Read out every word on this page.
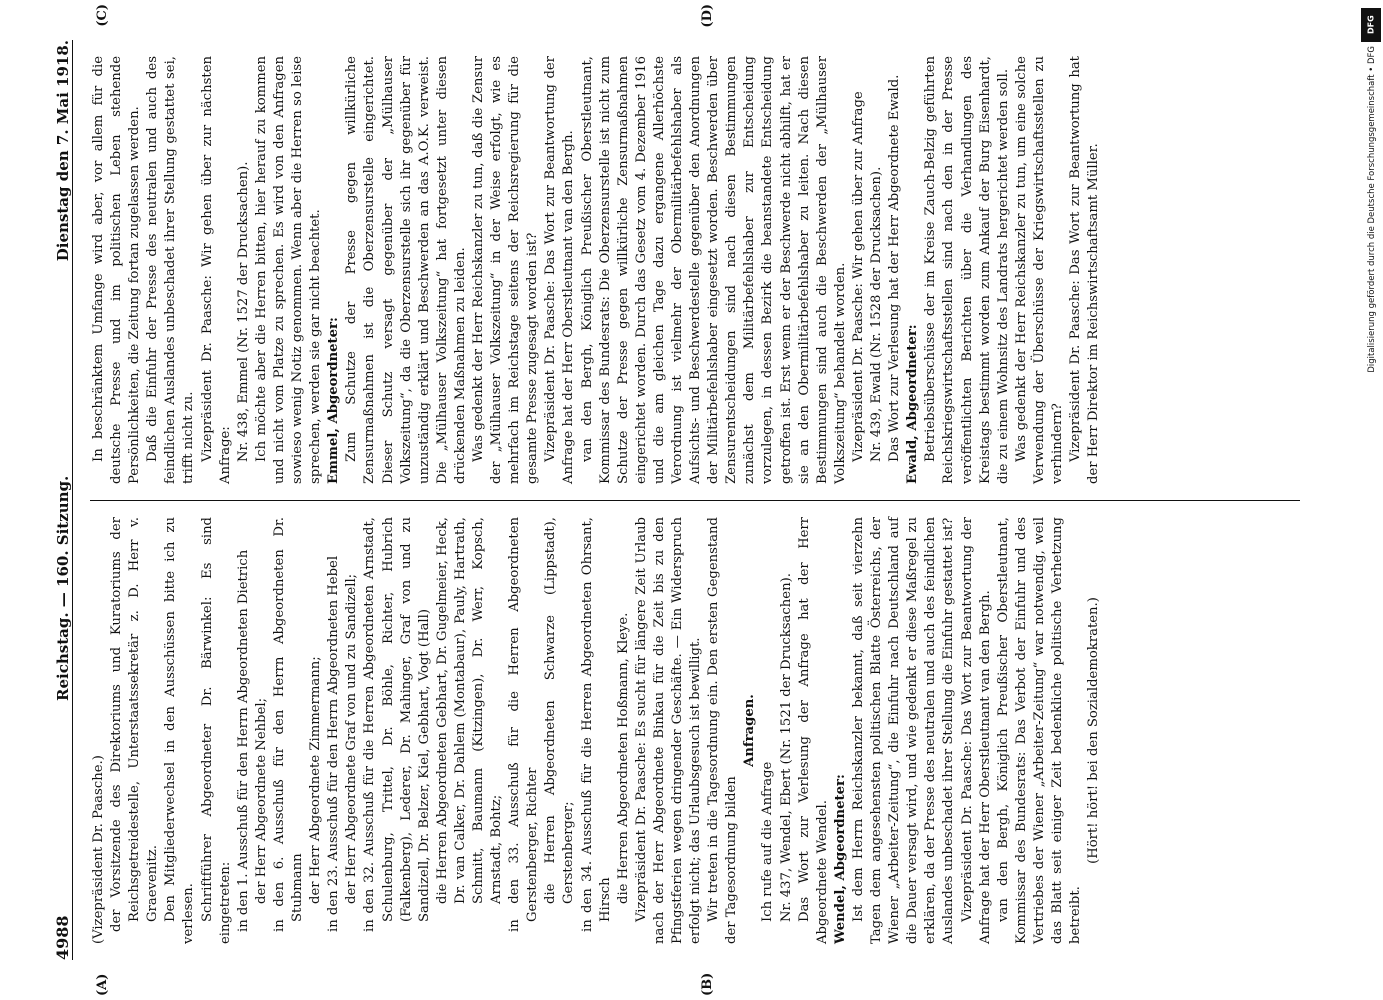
4988
Reichstag. — 160. Sitzung.
Dienstag den 7. Mai 1918.
(A)	(B)
(C)	(D)

(Vizepräsident Dr. Paasche.) der Vorsitzende des Direktoriums und Kuratoriums der Reichsgetreidestelle, Unterstaatssekretär z. D. Herr v. Graevenitz. Den Mitgliederwechsel in den Ausschüssen bitte ich zu verlesen. Schriftführer Abgeordneter Dr. Bärwinkel: Es sind eingetreten: in den 1. Ausschuß für den Herrn Abgeordneten Dietrich der Herr Abgeordnete Nehbel; in den 6. Ausschuß für den Herrn Abgeordneten Dr. Stubmann der Herr Abgeordnete Zimmermann; in den 23. Ausschuß für den Herrn Abgeordneten Hebel der Herr Abgeordnete Graf von und zu Sandizell; in den 32. Ausschuß für die Herren Abgeordneten Arnstadt, Schulenburg, Trittel, Dr. Böhle, Richter, Hubrich (Falkenberg), Lederer, Dr. Mahinger, Graf von und zu Sandizell, Dr. Belzer, Kiel, Gebhart, Vogt (Hall) die Herren Abgeordneten Gebhart, Dr. Gugelmeier, Heck, Dr. van Calker, Dr. Dahlem (Montabaur), Pauly, Hartrath, Schmitt, Baumann (Kitzingen), Dr. Werr, Kopsch, Arnstadt, Bohtz; in den 33. Ausschuß für die Herren Abgeordneten Gerstenberger, Richter die Herren Abgeordneten Schwarze (Lippstadt), Gerstenberger; in den 34. Ausschuß für die Herren Abgeordneten Ohrsant, Hirsch die Herren Abgeordneten Hoßmann, Kleye. Vizepräsident Dr. Paasche: Es sucht für längere Zeit Urlaub nach der Herr Abgeordnete Binkau für die Zeit bis zu den Pfingstferien wegen dringender Geschäfte. — Ein Widerspruch erfolgt nicht; das Urlaubsgesuch ist bewilligt. Wir treten in die Tagesordnung ein. Den ersten Gegenstand der Tagesordnung bilden

Anfragen.

Ich rufe auf die Anfrage Nr. 437, Wendel, Ebert (Nr. 1521 der Drucksachen). Das Wort zur Verlesung der Anfrage hat der Herr Abgeordnete Wendel. Wendel, Abgeordneter: Ist dem Herrn Reichskanzler bekannt, daß seit vierzehn Tagen dem angesehensten politischen Blatte Österreichs, der Wiener „Arbeiter-Zeitung“, die Einfuhr nach Deutschland auf die Dauer versagt wird, und wie gedenkt er diese Maßregel zu erklären, da der Presse des neutralen und auch des feindlichen Auslandes unbeschadet ihrer Stellung die Einfuhr gestattet ist? Vizepräsident Dr. Paasche: Das Wort zur Beantwortung der Anfrage hat der Herr Oberstleutnant van den Bergh. van den Bergh, Königlich Preußischer Oberstleutnant, Kommissar des Bundesrats: Das Verbot der Einfuhr und des Vertriebes der Wiener „Arbeiter-Zeitung“ war notwendig, weil das Blatt seit einiger Zeit bedenkliche politische Verhetzung betreibt.

(Hört! hört! bei den Sozialdemokraten.)

In beschränktem Umfange wird aber, vor allem für die deutsche Presse und im politischen Leben stehende Persönlichkeiten, die Zeitung fortan zugelassen werden. Daß die Einfuhr der Presse des neutralen und auch des feindlichen Auslandes unbeschadet ihrer Stellung gestattet sei, trifft nicht zu. Vizepräsident Dr. Paasche: Wir gehen über zur nächsten Anfrage: Nr. 438, Emmel (Nr. 1527 der Drucksachen). Ich möchte aber die Herren bitten, hier herauf zu kommen und nicht vom Platze zu sprechen. Es wird von den Anfragen sowieso wenig Notiz genommen. Wenn aber die Herren so leise sprechen, werden sie gar nicht beachtet. Emmel, Abgeordneter: Zum Schutze der Presse gegen willkürliche Zensurmaßnahmen ist die Oberzensurstelle eingerichtet. Dieser Schutz versagt gegenüber der „Mülhauser Volkszeitung“, da die Oberzensurstelle sich ihr gegenüber für unzuständig erklärt und Beschwerden an das A.O.K. verweist. Die „Mülhauser Volkszeitung“ hat fortgesetzt unter diesen drückenden Maßnahmen zu leiden. Was gedenkt der Herr Reichskanzler zu tun, daß die Zensur der „Mülhauser Volkszeitung“ in der Weise erfolgt, wie es mehrfach im Reichstage seitens der Reichsregierung für die gesamte Presse zugesagt worden ist? Vizepräsident Dr. Paasche: Das Wort zur Beantwortung der Anfrage hat der Herr Oberstleutnant van den Bergh. van den Bergh, Königlich Preußischer Oberstleutnant, Kommissar des Bundesrats: Die Oberzensurstelle ist nicht zum Schutze der Presse gegen willkürliche Zensurmaßnahmen eingerichtet worden. Durch das Gesetz vom 4. Dezember 1916 und die am gleichen Tage dazu ergangene Allerhöchste Verordnung ist vielmehr der Obermilitärbefehlshaber als Aufsichts- und Beschwerdestelle gegenüber den Anordnungen der Militärbefehlshaber eingesetzt worden. Beschwerden über Zensurentscheidungen sind nach diesen Bestimmungen zunächst dem Militärbefehlshaber zur Entscheidung vorzulegen, in dessen Bezirk die beanstandete Entscheidung getroffen ist. Erst wenn er der Beschwerde nicht abhilft, hat er sie an den Obermilitärbefehlshaber zu leiten. Nach diesen Bestimmungen sind auch die Beschwerden der „Mülhauser Volkszeitung“ behandelt worden. Vizepräsident Dr. Paasche: Wir gehen über zur Anfrage Nr. 439, Ewald (Nr. 1528 der Drucksachen). Das Wort zur Verlesung hat der Herr Abgeordnete Ewald. Ewald, Abgeordneter: Betriebsüberschüsse der im Kreise Zauch-Belzig geführten Reichskriegswirtschaftsstellen sind nach den in der Presse veröffentlichten Berichten über die Verhandlungen des Kreistags bestimmt worden zum Ankauf der Burg Eisenhardt, die zu einem Wohnsitz des Landrats hergerichtet werden soll. Was gedenkt der Herr Reichskanzler zu tun, um eine solche Verwendung der Überschüsse der Kriegswirtschaftsstellen zu verhindern? Vizepräsident Dr. Paasche: Das Wort zur Beantwortung hat der Herr Direktor im Reichswirtschaftsamt Müller.

DFG
Digitalisierung gefördert durch die Deutsche Forschungsgemeinschaft • DFG
